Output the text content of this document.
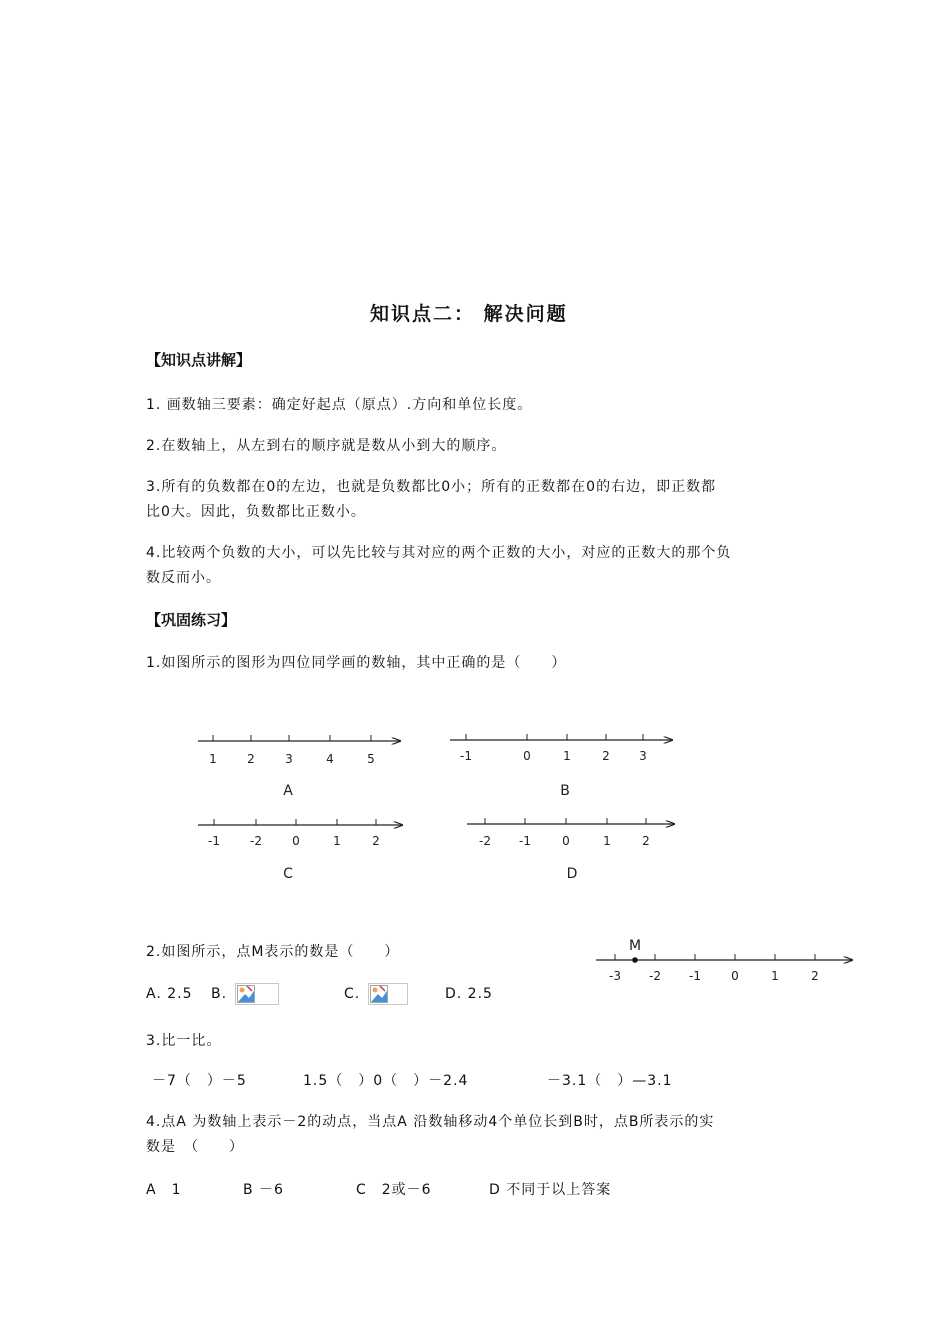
知识点二： 解决问题
【知识点讲解】
1. 画数轴三要素：确定好起点（原点）.方向和单位长度。
2.在数轴上，从左到右的顺序就是数从小到大的顺序。
3.所有的负数都在0的左边，也就是负数都比0小；所有的正数都在0的右边，即正数都
比0大。因此，负数都比正数小。
4.比较两个负数的大小，可以先比较与其对应的两个正数的大小，对应的正数大的那个负
数反而小。
【巩固练习】
1.如图所示的图形为四位同学画的数轴，其中正确的是（　　）
1	2	3	4	5
A
-1	0	1	2 3
B
-1	-2	0	1	2
C
-2 -1	0	1	2
D
M
-3 -2 -1	0	1	2
2.如图所示，点M表示的数是（　　）
A. 2.5 B.	C.	D. 2.5
3.比一比。
－7（　）－5	1.5（　）0（　）－2.4	－3.1（　）—3.1
4.点A 为数轴上表示－2的动点，当点A 沿数轴移动4个单位长到B时，点B所表示的实
数是　（　　）
A　1	B －6	C　2或－6	D 不同于以上答案
